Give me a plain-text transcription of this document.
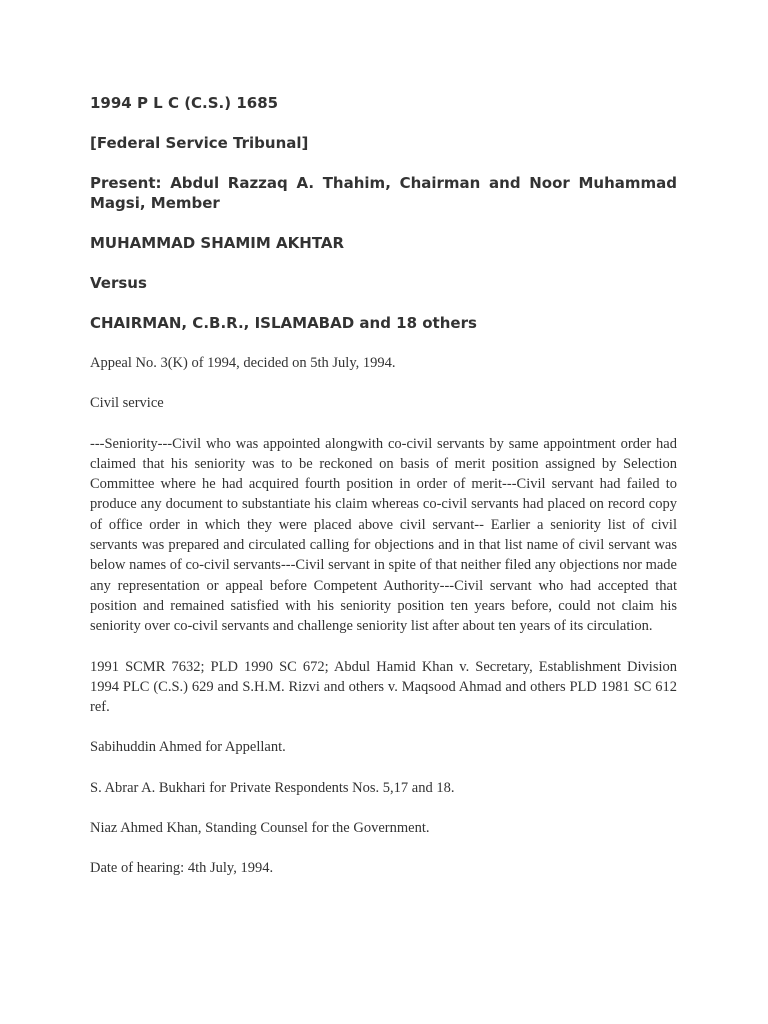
1994 P L C (C.S.) 1685

[Federal Service Tribunal]

Present: Abdul Razzaq A. Thahim, Chairman and Noor Muhammad Magsi, Member

MUHAMMAD SHAMIM AKHTAR

Versus

CHAIRMAN, C.B.R., ISLAMABAD and 18 others

Appeal No. 3(K) of 1994, decided on 5th July, 1994.

Civil service

---Seniority---Civil who was appointed alongwith co-civil servants by same appointment order had claimed that his seniority was to be reckoned on basis of merit position assigned by Selection Committee where he had acquired fourth position in order of merit---Civil servant had failed to produce any document to substantiate his claim whereas co-civil servants had placed on record copy of office order in which they were placed above civil servant-- Earlier a seniority list of civil servants was prepared and circulated calling for objections and in that list name of civil servant was below names of co-civil servants---Civil servant in spite of that neither filed any objections nor made any representation or appeal before Competent Authority---Civil servant who had accepted that position and remained satisfied with his seniority position ten years before, could not claim his seniority over co-civil servants and challenge seniority list after about ten years of its circulation.

1991 SCMR 7632; PLD 1990 SC 672; Abdul Hamid Khan v. Secretary, Establishment Division 1994 PLC (C.S.) 629 and S.H.M. Rizvi and others v. Maqsood Ahmad and others PLD 1981 SC 612 ref.

Sabihuddin Ahmed for Appellant.

S. Abrar A. Bukhari for Private Respondents Nos. 5,17 and 18.

Niaz Ahmed Khan, Standing Counsel for the Government.

Date of hearing: 4th July, 1994.
